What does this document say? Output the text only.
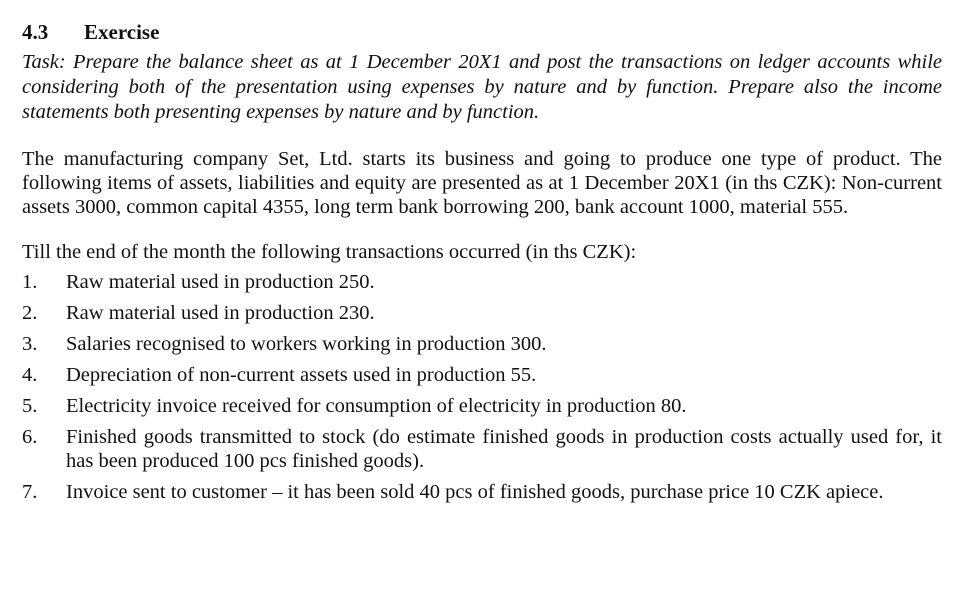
4.3	Exercise

Task: Prepare the balance sheet as at 1 December 20X1 and post the transactions on ledger accounts while considering both of the presentation using expenses by nature and by function. Prepare also the income statements both presenting expenses by nature and by function.

The manufacturing company Set, Ltd. starts its business and going to produce one type of product. The following items of assets, liabilities and equity are presented as at 1 December 20X1 (in ths CZK): Non-current assets 3000, common capital 4355, long term bank borrowing 200, bank account 1000, material 555.

Till the end of the month the following transactions occurred (in ths CZK):

1.	Raw material used in production 250.
2.	Raw material used in production 230.
3.	Salaries recognised to workers working in production 300.
4.	Depreciation of non-current assets used in production 55.
5.	Electricity invoice received for consumption of electricity in production 80.
6.	Finished goods transmitted to stock (do estimate finished goods in production costs actually used for, it has been produced 100 pcs finished goods).
7.	Invoice sent to customer – it has been sold 40 pcs of finished goods, purchase price 10 CZK apiece.
